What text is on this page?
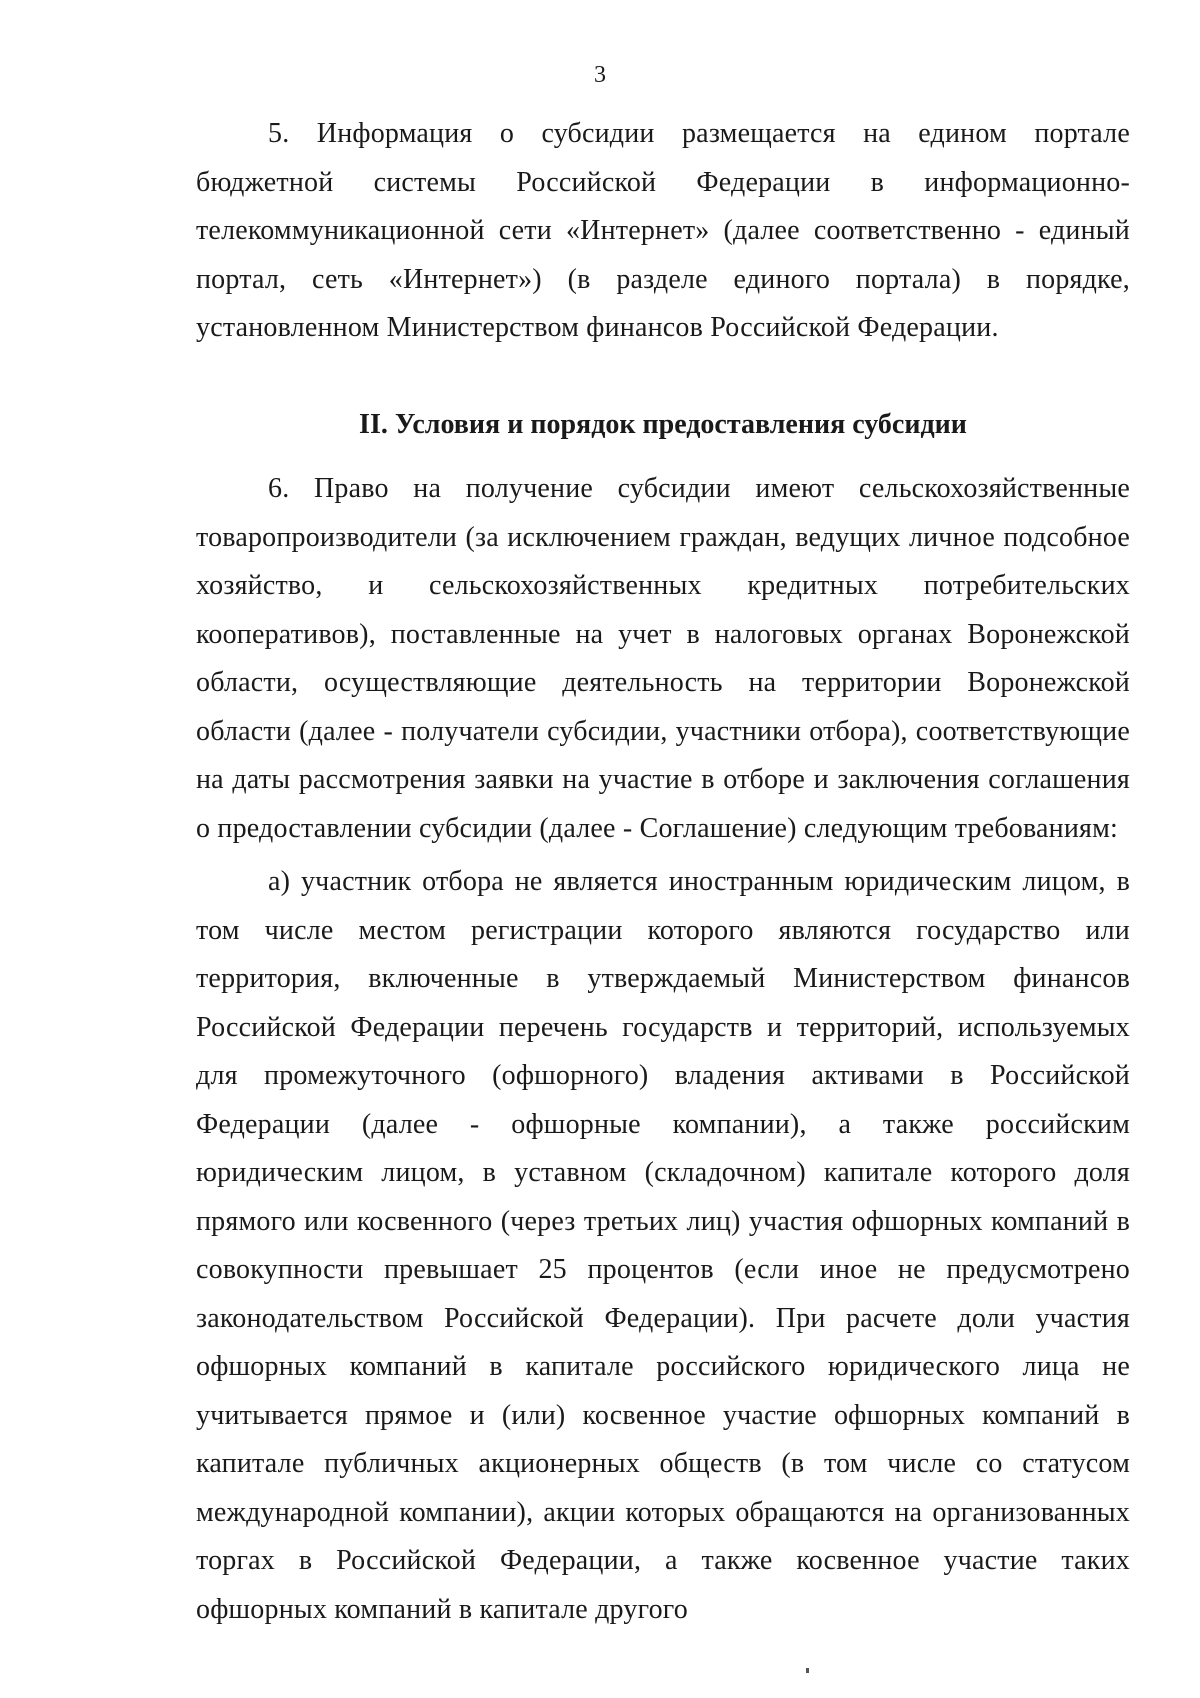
3

5. Информация о субсидии размещается на едином портале бюджетной системы Российской Федерации в информационно-телекоммуникационной сети «Интернет» (далее соответственно - единый портал, сеть «Интернет») (в разделе единого портала) в порядке, установленном Министерством финансов Российской Федерации.

II. Условия и порядок предоставления субсидии

6. Право на получение субсидии имеют сельскохозяйственные товаропроизводители (за исключением граждан, ведущих личное подсобное хозяйство, и сельскохозяйственных кредитных потребительских кооперативов), поставленные на учет в налоговых органах Воронежской области, осуществляющие деятельность на территории Воронежской области (далее - получатели субсидии, участники отбора), соответствующие на даты рассмотрения заявки на участие в отборе и заключения соглашения о предоставлении субсидии (далее - Соглашение) следующим требованиям:

а) участник отбора не является иностранным юридическим лицом, в том числе местом регистрации которого являются государство или территория, включенные в утверждаемый Министерством финансов Российской Федерации перечень государств и территорий, используемых для промежуточного (офшорного) владения активами в Российской Федерации (далее - офшорные компании), а также российским юридическим лицом, в уставном (складочном) капитале которого доля прямого или косвенного (через третьих лиц) участия офшорных компаний в совокупности превышает 25 процентов (если иное не предусмотрено законодательством Российской Федерации). При расчете доли участия офшорных компаний в капитале российского юридического лица не учитывается прямое и (или) косвенное участие офшорных компаний в капитале публичных акционерных обществ (в том числе со статусом международной компании), акции которых обращаются на организованных торгах в Российской Федерации, а также косвенное участие таких офшорных компаний в капитале другого
